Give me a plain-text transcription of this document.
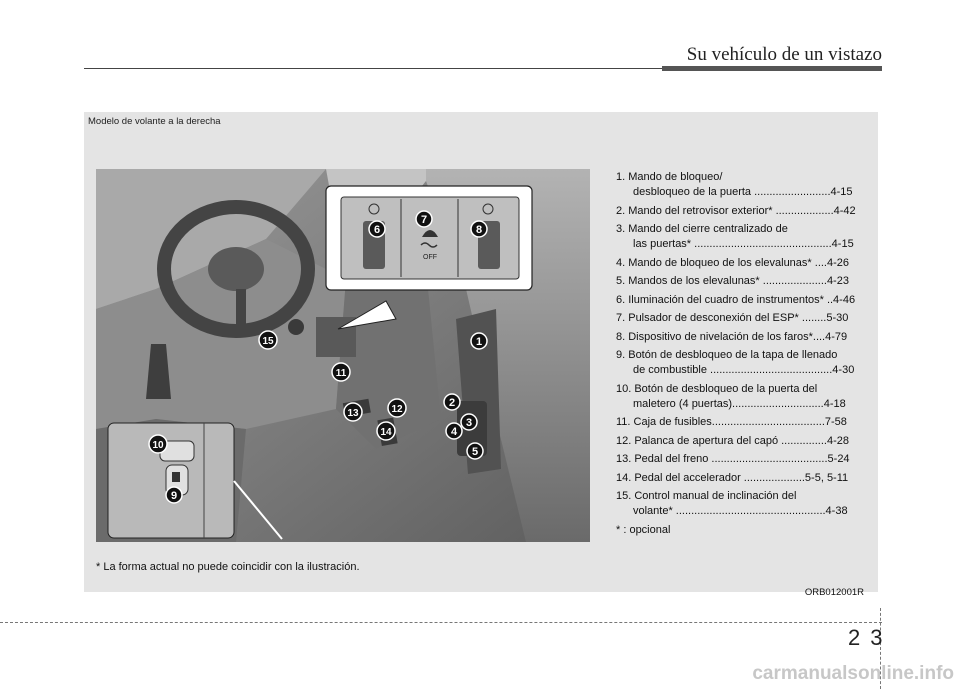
Su vehículo de un vistazo
Modelo de volante a la derecha
OFF
1
2
3
4
5
6
7
8
9
10
11
12
13
14
15
1. Mando de bloqueo/
desbloqueo de la puerta .........................4-15
2. Mando del retrovisor exterior* ...................4-42
3. Mando del cierre centralizado de
las puertas* .............................................4-15
4. Mando de bloqueo de los elevalunas* ....4-26
5. Mandos de los elevalunas* .....................4-23
6. Iluminación del cuadro de instrumentos* ..4-46
7. Pulsador de desconexión del ESP* ........5-30
8. Dispositivo de nivelación de los faros*....4-79
9. Botón de desbloqueo de la tapa de llenado
de combustible ........................................4-30
10. Botón de desbloqueo de la puerta del
maletero (4 puertas)..............................4-18
11. Caja de fusibles.....................................7-58
12. Palanca de apertura del capó ...............4-28
13. Pedal del freno ......................................5-24
14. Pedal del accelerador ....................5-5, 5-11
15. Control manual de inclinación del
volante* .................................................4-38
* : opcional
* La forma actual no puede coincidir con la ilustración.
ORB012001R
23
carmanualsonline.info
